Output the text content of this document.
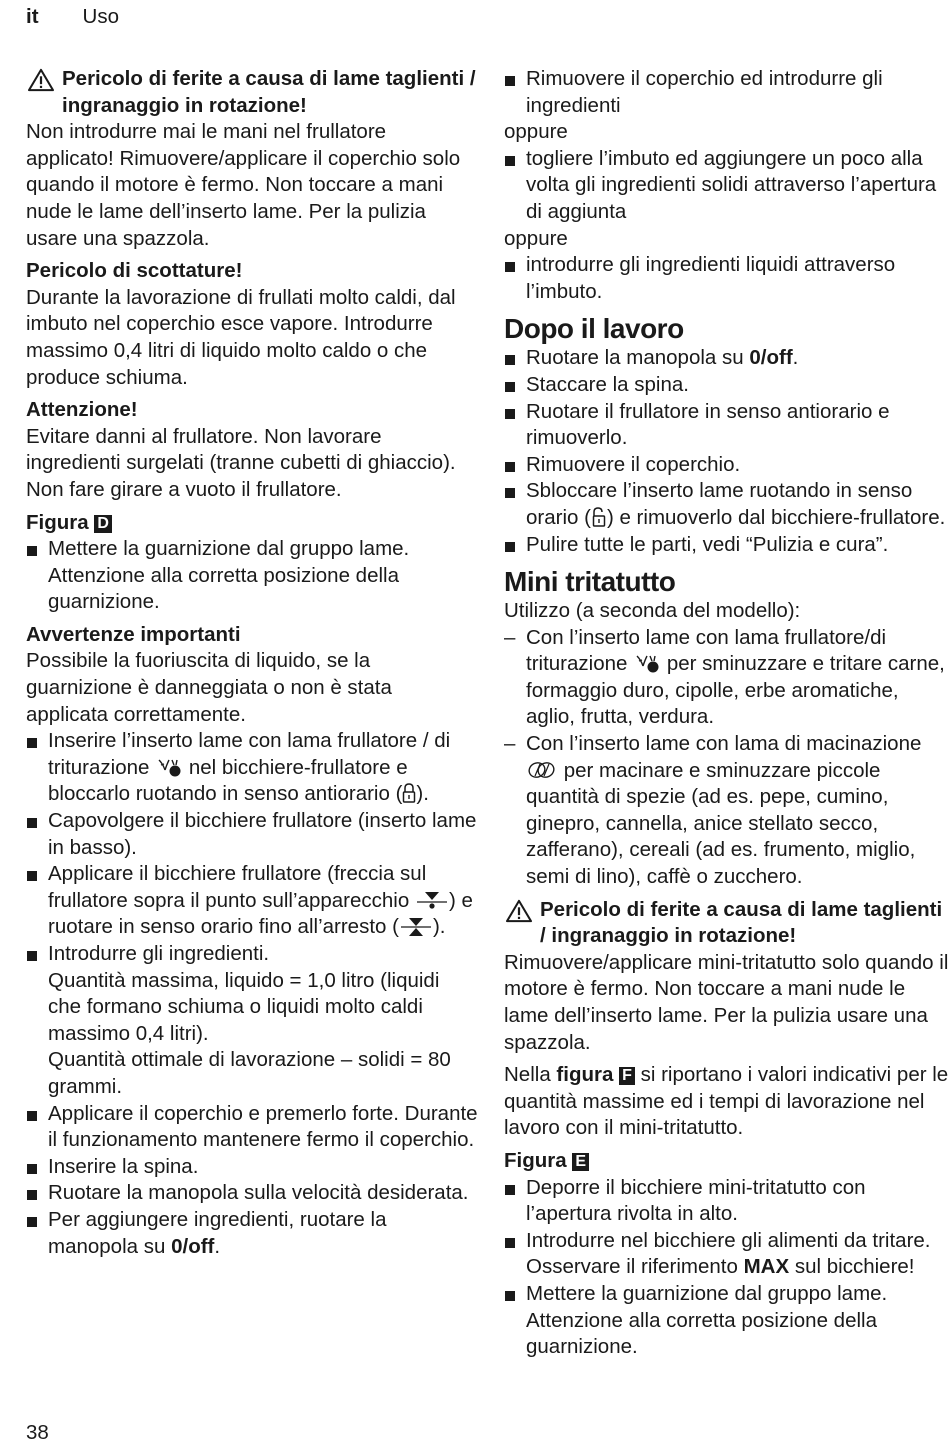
it Uso

Pericolo di ferite a causa di lame taglienti / ingranaggio in rotazione!

Non introdurre mai le mani nel frullatore applicato! Rimuovere/applicare il coperchio solo quando il motore è fermo. Non toccare a mani nude le lame dell’inserto lame. Per la pulizia usare una spazzola.

Pericolo di scottature!

Durante la lavorazione di frullati molto caldi, dal imbuto nel coperchio esce vapore. Introdurre massimo 0,4 litri di liquido molto caldo o che produce schiuma.

Attenzione!

Evitare danni al frullatore. Non lavorare ingredienti surgelati (tranne cubetti di ghiaccio). Non fare girare a vuoto il frullatore.

Figura D

Mettere la guarnizione dal gruppo lame. Attenzione alla corretta posizione della guarnizione.

Avvertenze importanti

Possibile la fuoriuscita di liquido, se la guarnizione è danneggiata o non è stata applicata correttamente.

Inserire l’inserto lame con lama frullatore / di triturazione nel bicchiere-frullatore e bloccarlo ruotando in senso antiorario ( ).
Capovolgere il bicchiere frullatore (inserto lame in basso).
Applicare il bicchiere frullatore (freccia sul frullatore sopra il punto sull’apparecchio ) e ruotare in senso orario fino all’arresto ( ).
Introdurre gli ingredienti.
Quantità massima, liquido = 1,0 litro (liquidi che formano schiuma o liquidi molto caldi massimo 0,4 litri).
Quantità ottimale di lavorazione – solidi = 80 grammi.
Applicare il coperchio e premerlo forte. Durante il funzionamento mantenere fermo il coperchio.
Inserire la spina.
Ruotare la manopola sulla velocità desiderata.
Per aggiungere ingredienti, ruotare la manopola su 0/off.
Rimuovere il coperchio ed introdurre gli ingredienti

oppure

togliere l’imbuto ed aggiungere un poco alla volta gli ingredienti solidi attraverso l’apertura di aggiunta

oppure

introdurre gli ingredienti liquidi attraverso l’imbuto.
Dopo il lavoro
Ruotare la manopola su 0/off.
Staccare la spina.
Ruotare il frullatore in senso antiorario e rimuoverlo.
Rimuovere il coperchio.
Sbloccare l’inserto lame ruotando in senso orario ( ) e rimuoverlo dal bicchiere-frullatore.
Pulire tutte le parti, vedi “Pulizia e cura”.
Mini tritatutto

Utilizzo (a seconda del modello):

– Con l’inserto lame con lama frullatore/di triturazione per sminuzzare e tritare carne, formaggio duro, cipolle, erbe aromatiche, aglio, frutta, verdura.
– Con l’inserto lame con lama di macinazione  per macinare e sminuzzare piccole quantità di spezie (ad es. pepe, cumino, ginepro, cannella, anice stellato secco, zafferano), cereali (ad es. frumento, miglio, semi di lino), caffè o zucchero.

Pericolo di ferite a causa di lame taglienti / ingranaggio in rotazione!

Rimuovere/applicare mini-tritatutto solo quando il motore è fermo. Non toccare a mani nude le lame dell’inserto lame. Per la pulizia usare una spazzola.

Nella figura F si riportano i valori indicativi per le quantità massime ed i tempi di lavorazione nel lavoro con il mini-tritatutto.

Figura E

Deporre il bicchiere mini-tritatutto con l’apertura rivolta in alto.
Introdurre nel bicchiere gli alimenti da tritare. Osservare il riferimento MAX sul bicchiere!
Mettere la guarnizione dal gruppo lame. Attenzione alla corretta posizione della guarnizione.
38
